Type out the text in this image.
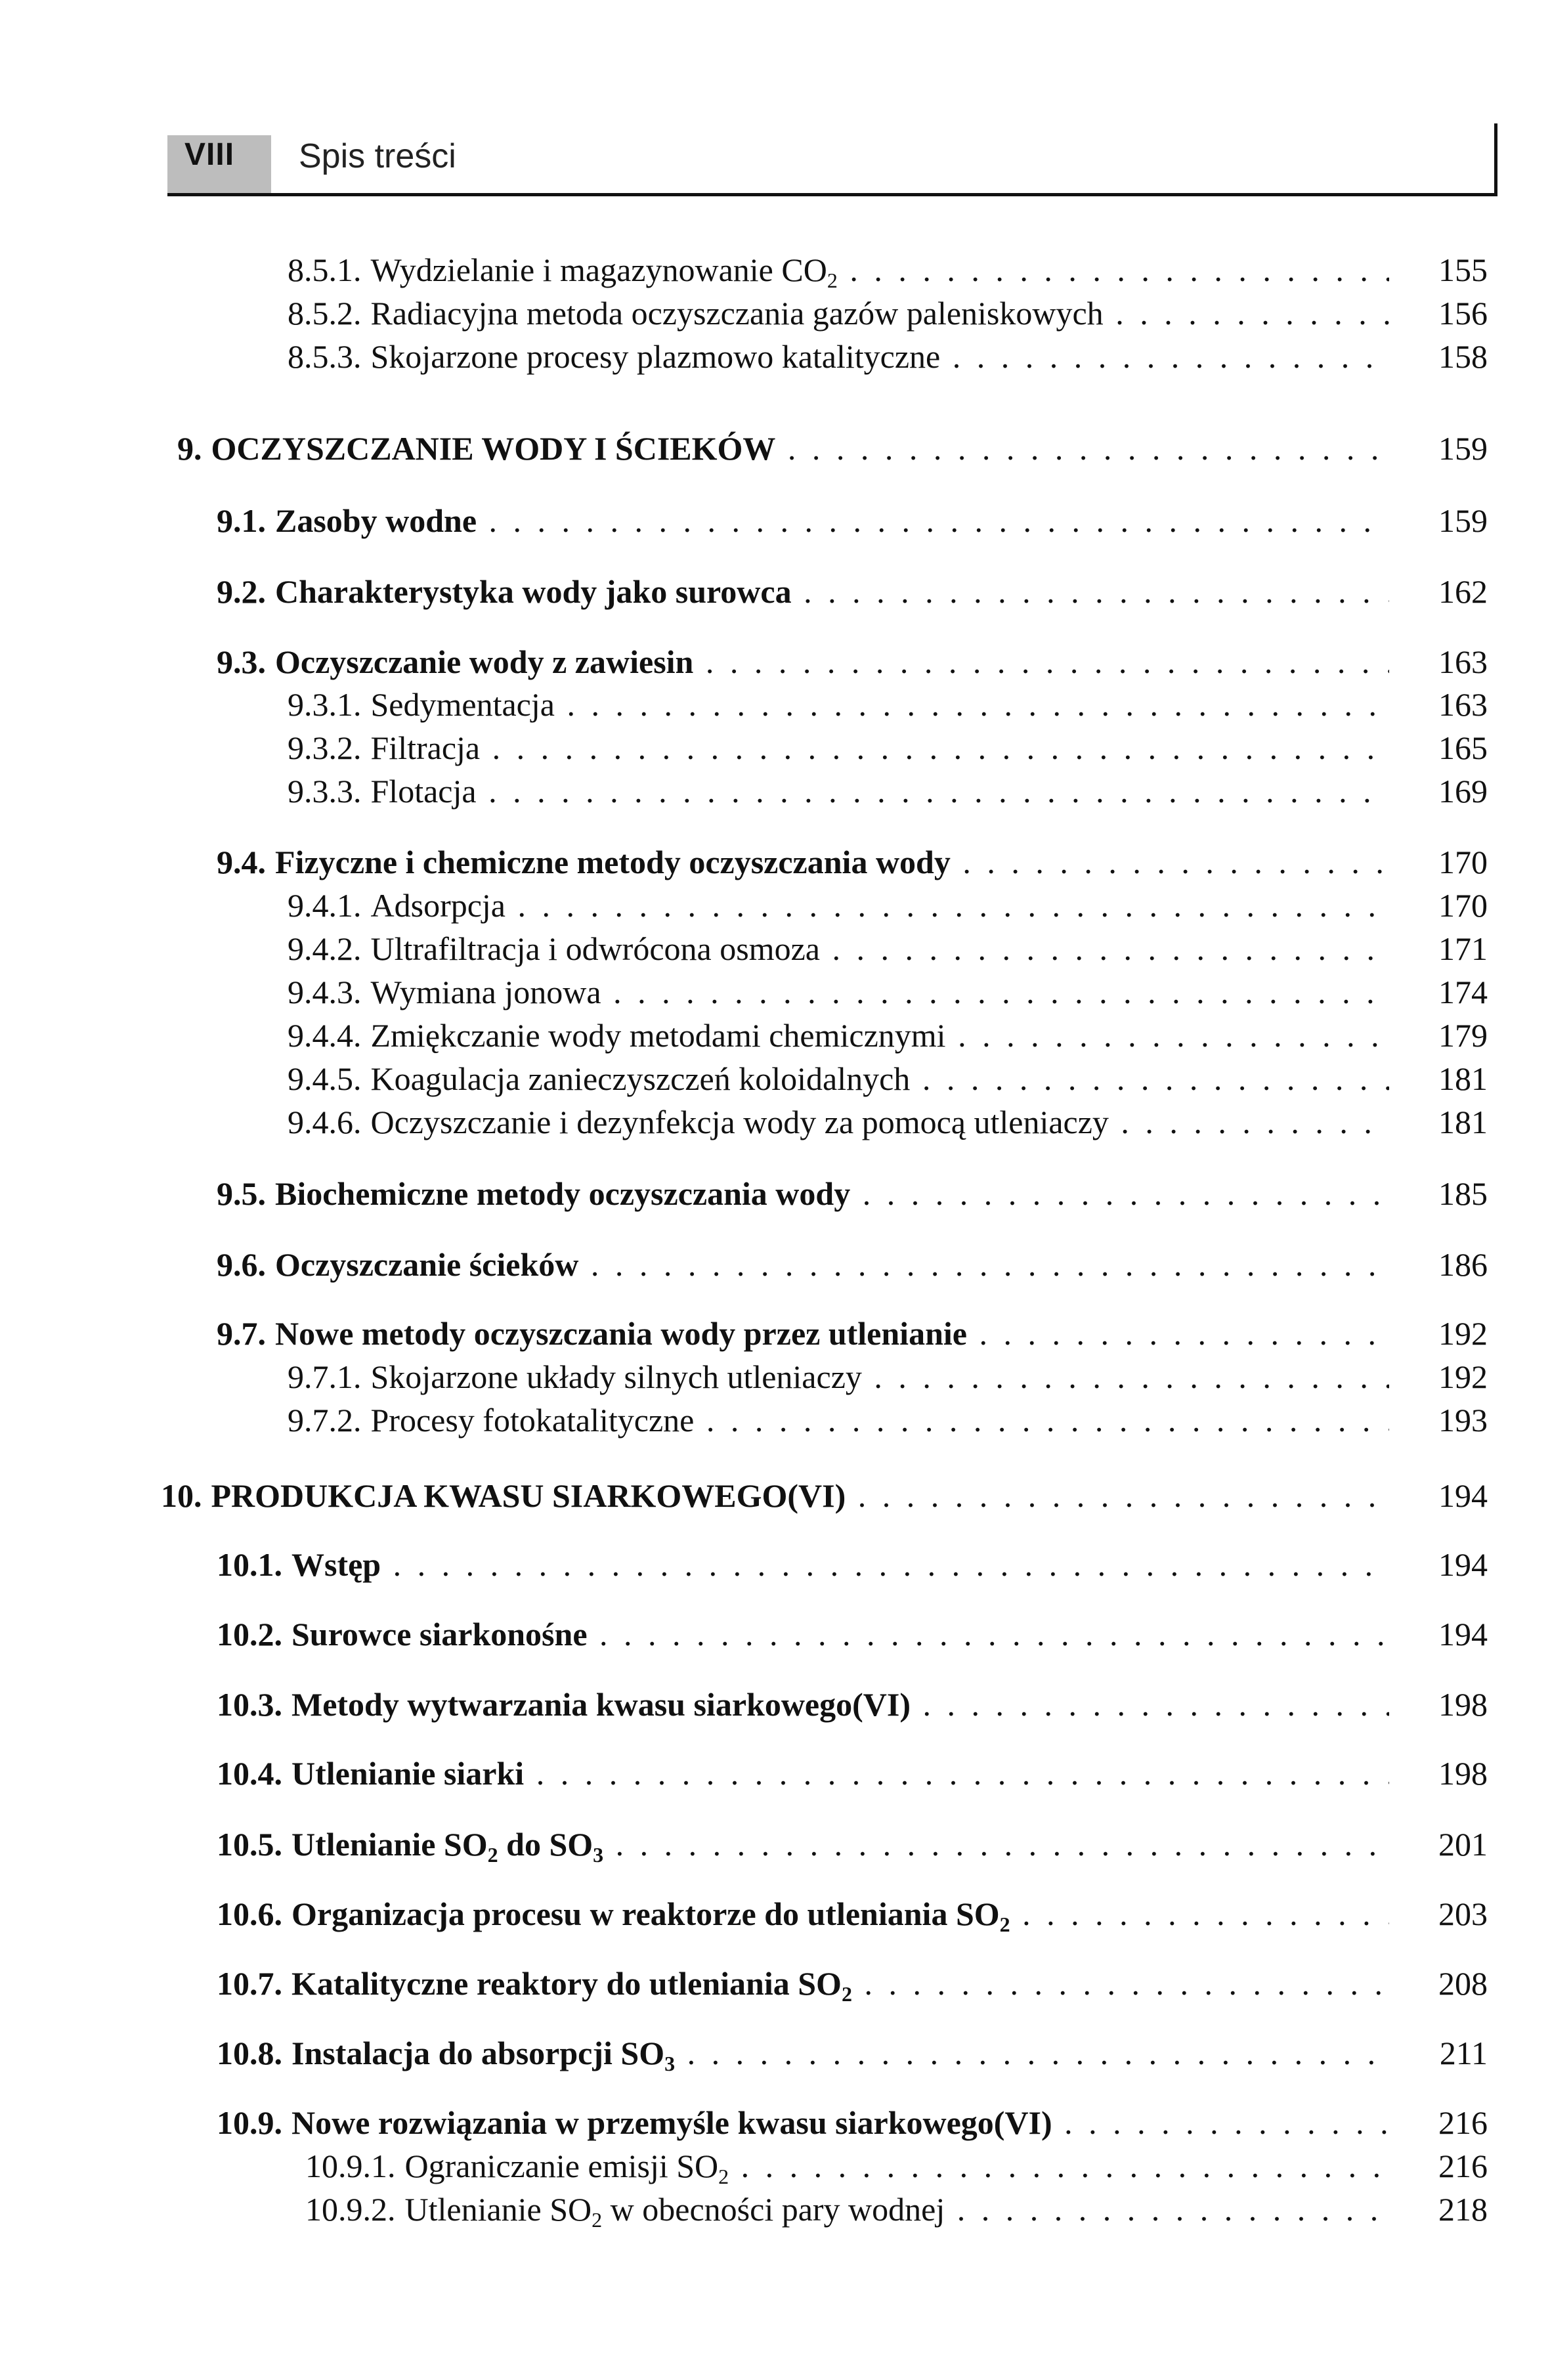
VIII Spis treści
8.5.1. Wydzielanie i magazynowanie $CO_2$ . . .	155
8.5.2. Radiacyjna metoda oczyszczania gazów paleniskowych . . .	156
8.5.3. Skojarzone procesy plazmowo katalityczne . . .	158
9. OCZYSZCZANIE WODY I ŚCIEKÓW . . .	159
9.1. Zasoby wodne . . .	159
9.2. Charakterystyka wody jako surowca . . .	162
9.3. Oczyszczanie wody z zawiesin . . .	163
9.3.1. Sedymentacja . . .	163
9.3.2. Filtracja . . .	165
9.3.3. Flotacja . . .	169
9.4. Fizyczne i chemiczne metody oczyszczania wody . . .	170
9.4.1. Adsorpcja . . .	170
9.4.2. Ultrafiltracja i odwrócona osmoza . . .	171
9.4.3. Wymiana jonowa . . .	174
9.4.4. Zmiękczanie wody metodami chemicznymi . . .	179
9.4.5. Koagulacja zanieczyszczeń koloidalnych . . .	181
9.4.6. Oczyszczanie i dezynfekcja wody za pomocą utleniaczy . . .	181
9.5. Biochemiczne metody oczyszczania wody . . .	185
9.6. Oczyszczanie ścieków . . .	186
9.7. Nowe metody oczyszczania wody przez utlenianie . . .	192
9.7.1. Skojarzone układy silnych utleniaczy . . .	192
9.7.2. Procesy fotokatalityczne . . .	193
10. PRODUKCJA KWASU SIARKOWEGO(VI) . . .	194
10.1. Wstęp . . .	194
10.2. Surowce siarkonośne . . .	194
10.3. Metody wytwarzania kwasu siarkowego(VI) . . .	198
10.4. Utlenianie siarki . . .	198
10.5. Utlenianie $SO_2$ do $SO_3$ . . .	201
10.6. Organizacja procesu w reaktorze do utleniania $SO_2$ . . .	203
10.7. Katalityczne reaktory do utleniania $SO_2$ . . .	208
10.8. Instalacja do absorpcji $SO_3$ . . .	211
10.9. Nowe rozwiązania w przemyśle kwasu siarkowego(VI) . . .	216
10.9.1. Ograniczanie emisji $SO_2$ . . .	216
10.9.2. Utlenianie $SO_2$ w obecności pary wodnej . . .	218
